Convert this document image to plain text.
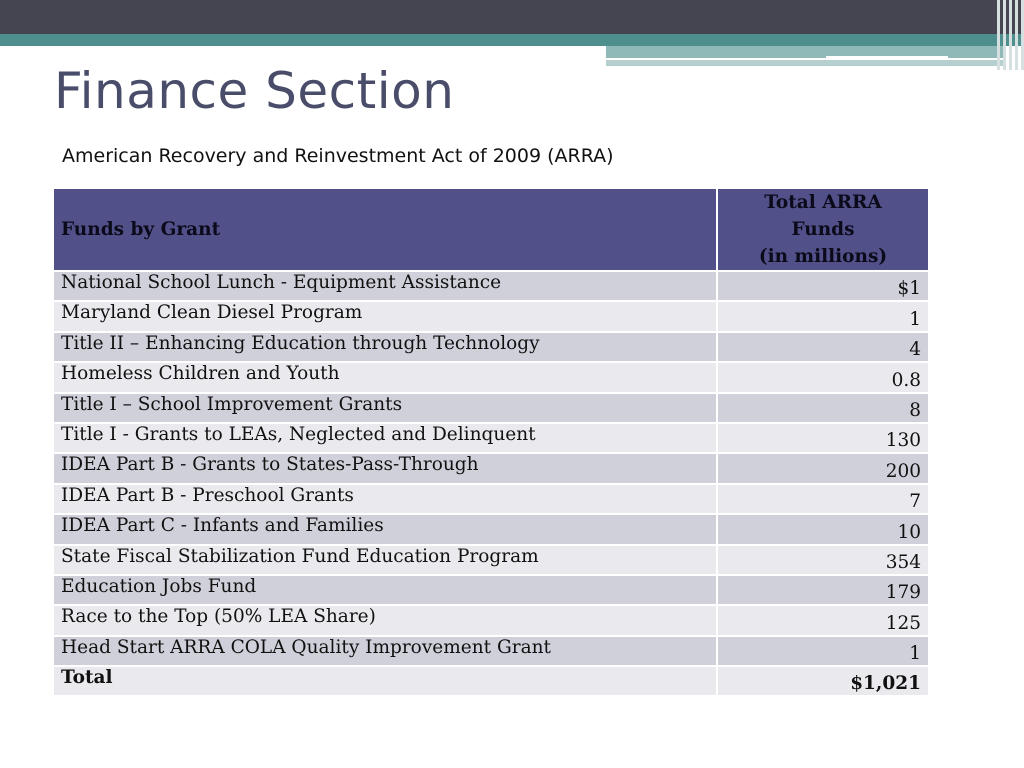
Finance Section
American Recovery and Reinvestment Act of 2009 (ARRA)
Funds by Grant	Total ARRA
Funds
(in millions)
National School Lunch - Equipment Assistance	$1
Maryland Clean Diesel Program	1
Title II – Enhancing Education through Technology	4
Homeless Children and Youth	0.8
Title I – School Improvement Grants	8
Title I - Grants to LEAs, Neglected and Delinquent	130
IDEA Part B - Grants to States-Pass-Through	200
IDEA Part B - Preschool Grants	7
IDEA Part C - Infants and Families	10
State Fiscal Stabilization Fund Education Program	354
Education Jobs Fund	179
Race to the Top (50% LEA Share)	125
Head Start ARRA COLA Quality Improvement Grant	1
Total	$1,021
